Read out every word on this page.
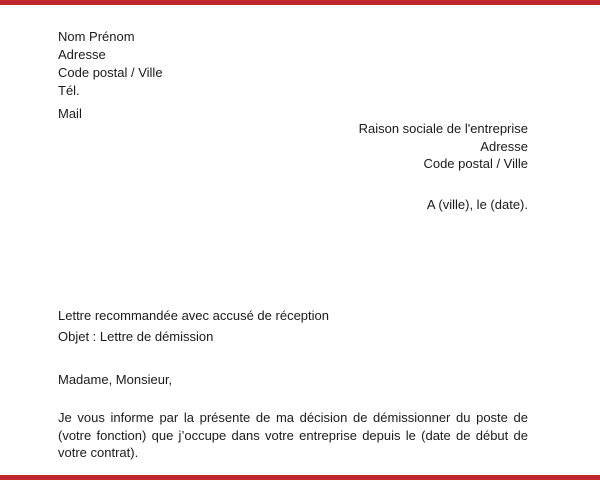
Nom Prénom
Adresse
Code postal / Ville
Tél.
Mail
Raison sociale de l'entreprise
Adresse
Code postal / Ville
A (ville), le (date).
Lettre recommandée avec accusé de réception
Objet : Lettre de démission
Madame, Monsieur,
Je vous informe par la présente de ma décision de démissionner du poste de (votre fonction) que j’occupe dans votre entreprise depuis le (date de début de votre contrat).
